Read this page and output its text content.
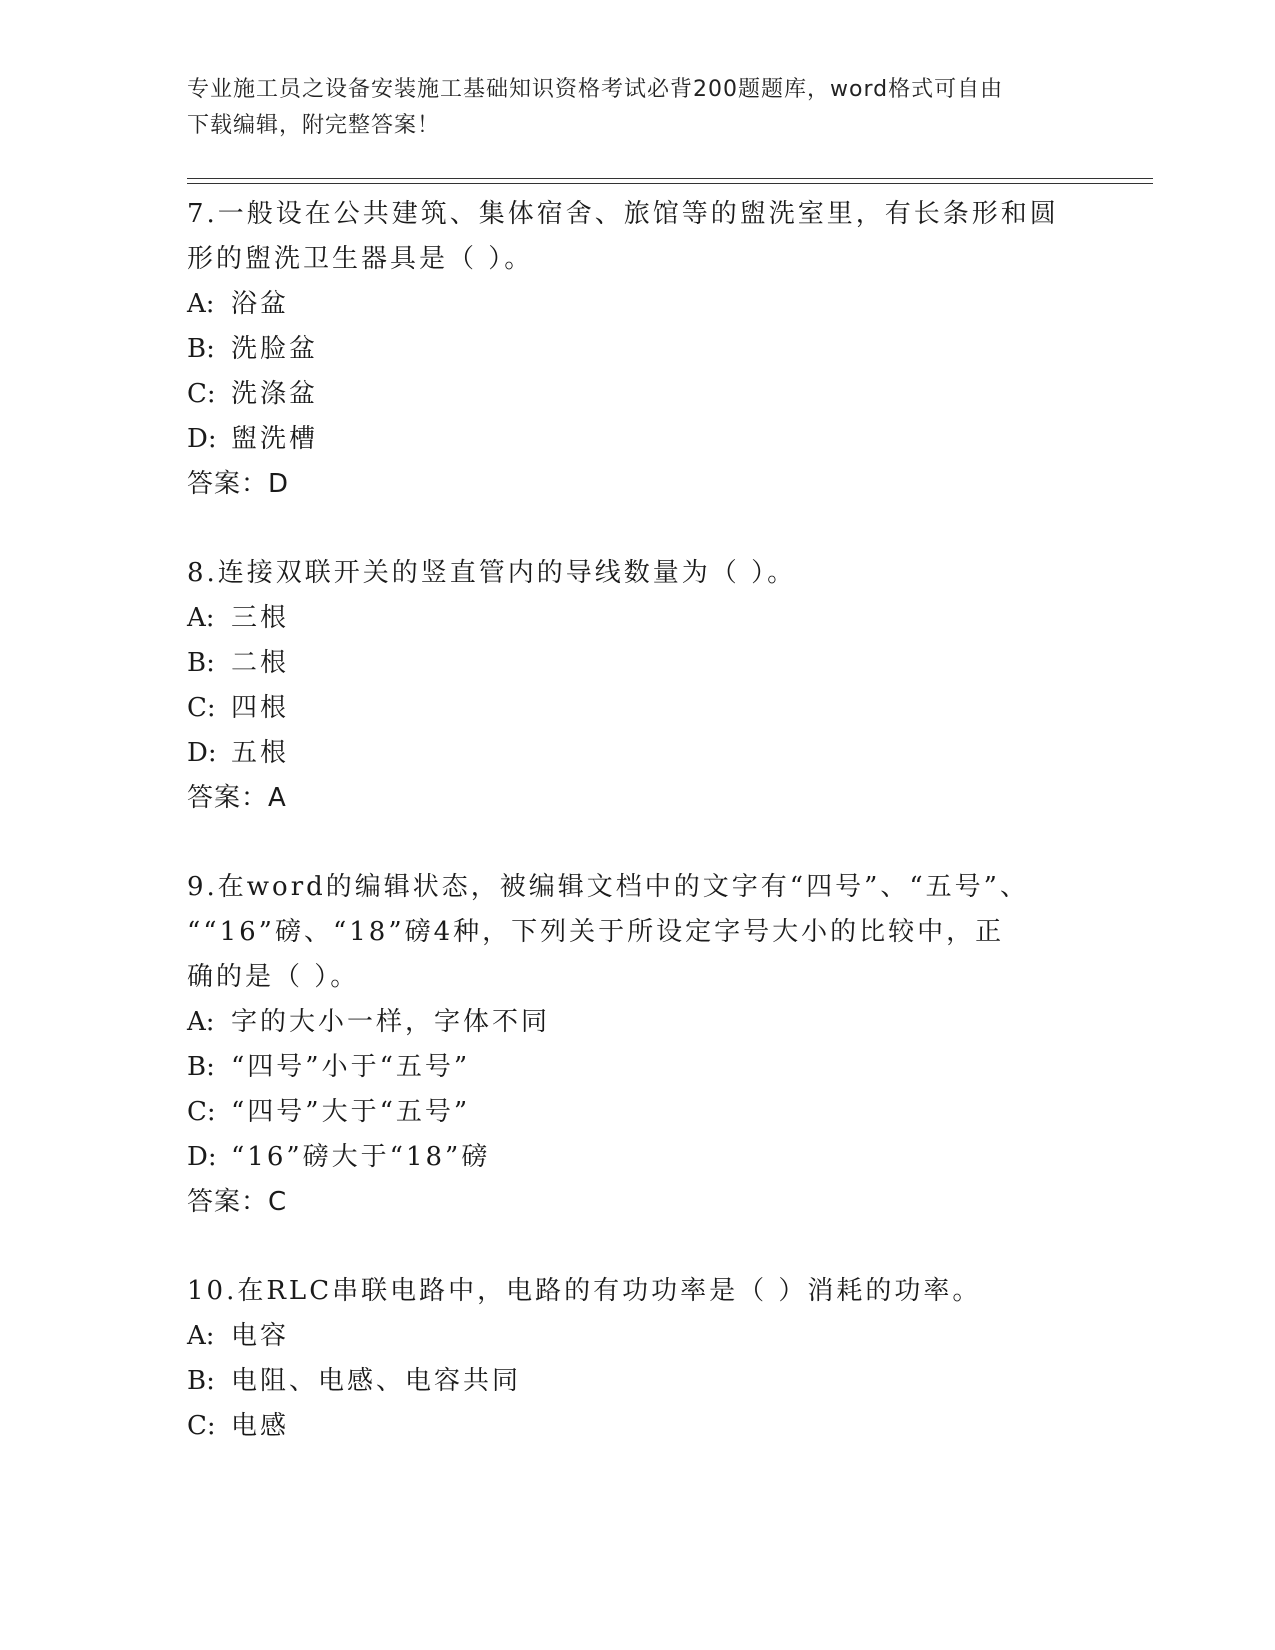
专业施工员之设备安装施工基础知识资格考试必背200题题库，word格式可自由
下载编辑，附完整答案！
7.一般设在公共建筑、集体宿舍、旅馆等的盥洗室里，有长条形和圆
形的盥洗卫生器具是（ ）。
A: 浴盆
B: 洗脸盆
C: 洗涤盆
D: 盥洗槽
答案：D
8.连接双联开关的竖直管内的导线数量为（ ）。
A: 三根
B: 二根
C: 四根
D: 五根
答案：A
9.在word的编辑状态，被编辑文档中的文字有“四号”、“五号”、
““16”磅、“18”磅4种，下列关于所设定字号大小的比较中，正
确的是（ ）。
A: 字的大小一样，字体不同
B: “四号”小于“五号”
C: “四号”大于“五号”
D: “16”磅大于“18”磅
答案：C
10.在RLC串联电路中，电路的有功功率是（ ）消耗的功率。
A: 电容
B: 电阻、电感、电容共同
C: 电感
